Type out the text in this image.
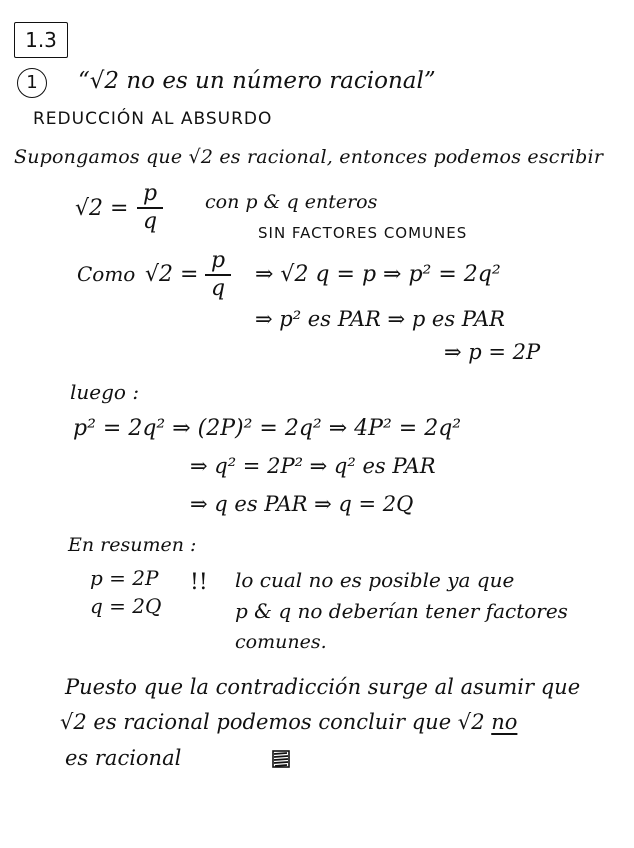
1.3
1	“√2 no es un número racional”
REDUCCIÓN AL ABSURDO
Supongamos que √2 es racional, entonces podemos escribir
√2 =
p
q
con p & q enteros
SIN FACTORES COMUNES
Como √2 =
p
q
⇒ √2 q = p ⇒ p² = 2q²
⇒ p² es PAR ⇒ p es PAR
⇒ p = 2P
luego :
p² = 2q² ⇒ (2P)² = 2q² ⇒ 4P² = 2q²
⇒ q² = 2P² ⇒ q² es PAR
⇒ q es PAR ⇒ q = 2Q
En resumen :
p = 2P
q = 2Q
!! lo cual no es posible ya que
p & q no deberían tener factores
comunes.
Puesto que la contradicción surge al asumir que
√2 es racional podemos concluir que √2 no
es racional
